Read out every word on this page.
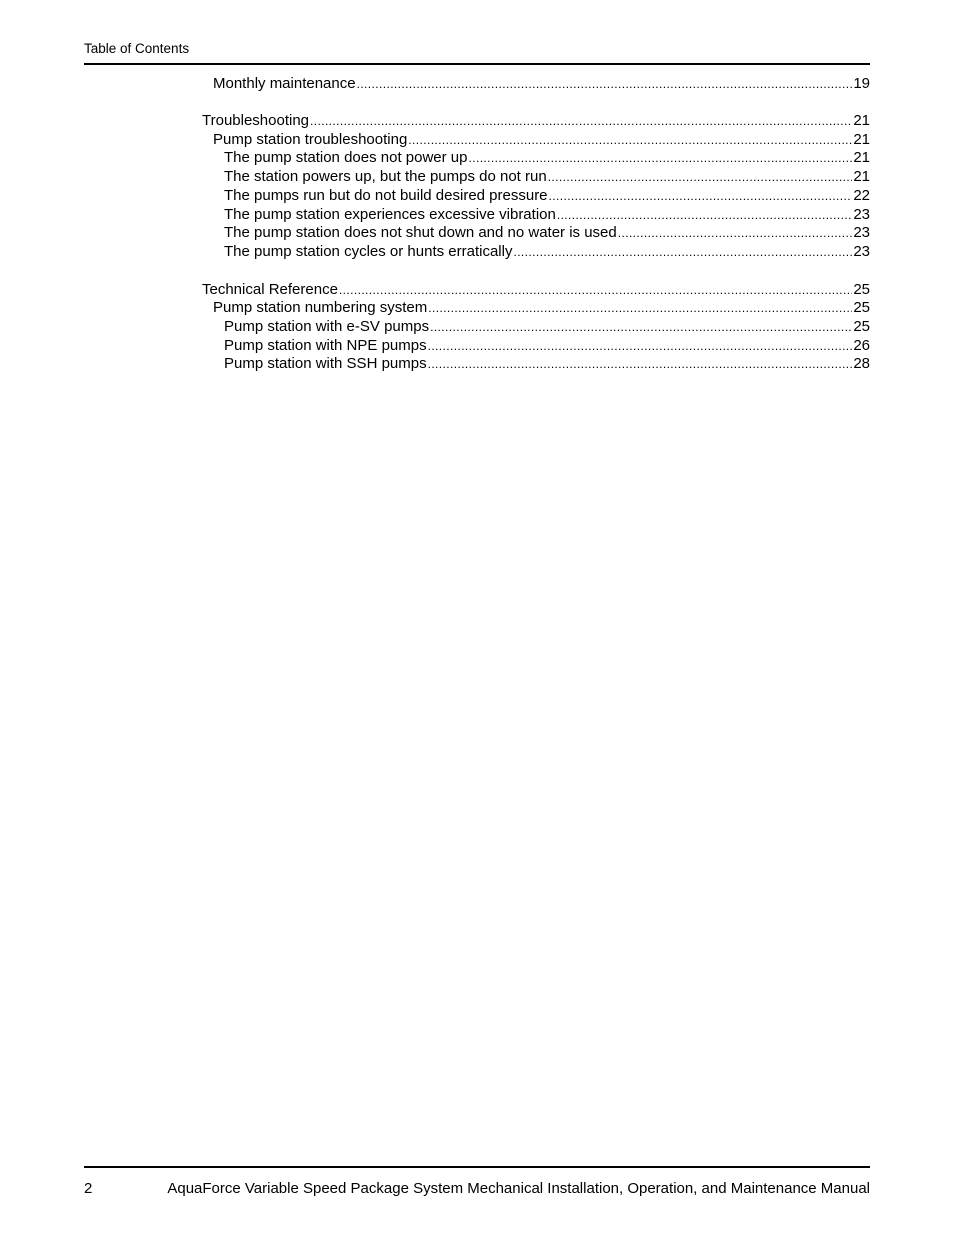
Table of Contents
Monthly maintenance .....	19
Troubleshooting .....	21
Pump station troubleshooting .....	21
The pump station does not power up .....	21
The station powers up, but the pumps do not run .....	21
The pumps run but do not build desired pressure .....	22
The pump station experiences excessive vibration .....	23
The pump station does not shut down and no water is used .....	23
The pump station cycles or hunts erratically .....	23
Technical Reference .....	25
Pump station numbering system .....	25
Pump station with e-SV pumps .....	25
Pump station with NPE pumps .....	26
Pump station with SSH pumps .....	28
2	AquaForce Variable Speed Package System Mechanical Installation, Operation, and Maintenance Manual
